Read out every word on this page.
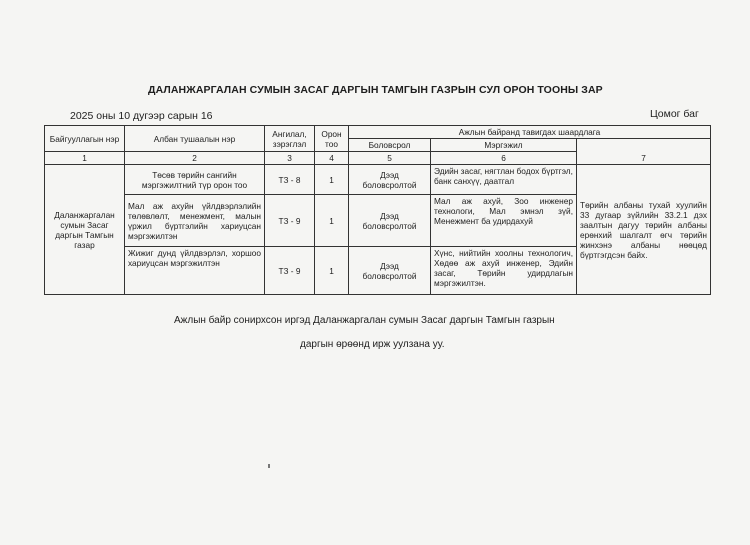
ДАЛАНЖАРГАЛАН СУМЫН ЗАСАГ ДАРГЫН ТАМГЫН ГАЗРЫН СУЛ ОРОН ТООНЫ ЗАР
2025 оны 10 дугээр сарын 16	Цомог баг
Байгууллагын нэр	Албан тушаалын нэр	Ангилал, зэрэглэл	Орон тоо	Ажлын байранд тавигдах шаардлага		
				Боловсрол	Мэргэжил	7
1	2	3	4	5	6	
Даланжаргалан сумын Засаг даргын Тамгын газар	Төсөв төрийн сангийн мэргэжилтний түр орон тоо	ТЗ - 8	1	Дээд боловсролтой	Эдийн засаг, нягтлан бодох бүртгэл, банк санхүү, даатгал	Төрийн албаны тухай хуулийн 33 дугаар зүйлийн 33.2.1 дэх заалтын дагуу төрийн албаны ерөнхий шалгалт өгч төрийн жинхэнэ албаны нөөцөд бүртгэгдсэн байх.
	Мал аж ахуйн үйлдвэрлэлийн төлөвлөлт, менежмент, малын үржил бүртгэлийн хариуцсан мэргэжилтэн	ТЗ - 9	1	Дээд боловсролтой	Мал аж ахуй, Зоо инженер технологи, Мал эмнэл зүй, Менежмент ба удирдахуй	
	Жижиг дунд үйлдвэрлэл, хоршоо хариуцсан мэргэжилтэн	ТЗ - 9	1	Дээд боловсролтой	Хүнс, нийтийн хоолны технологич, Хөдөө аж ахуй инженер, Эдийн засаг, Төрийн удирдлагын мэргэжилтэн.	
Ажлын байр сонирхсон иргэд Даланжаргалан сумын Засаг даргын Тамгын газрын
даргын өрөөнд ирж уулзана уу.
